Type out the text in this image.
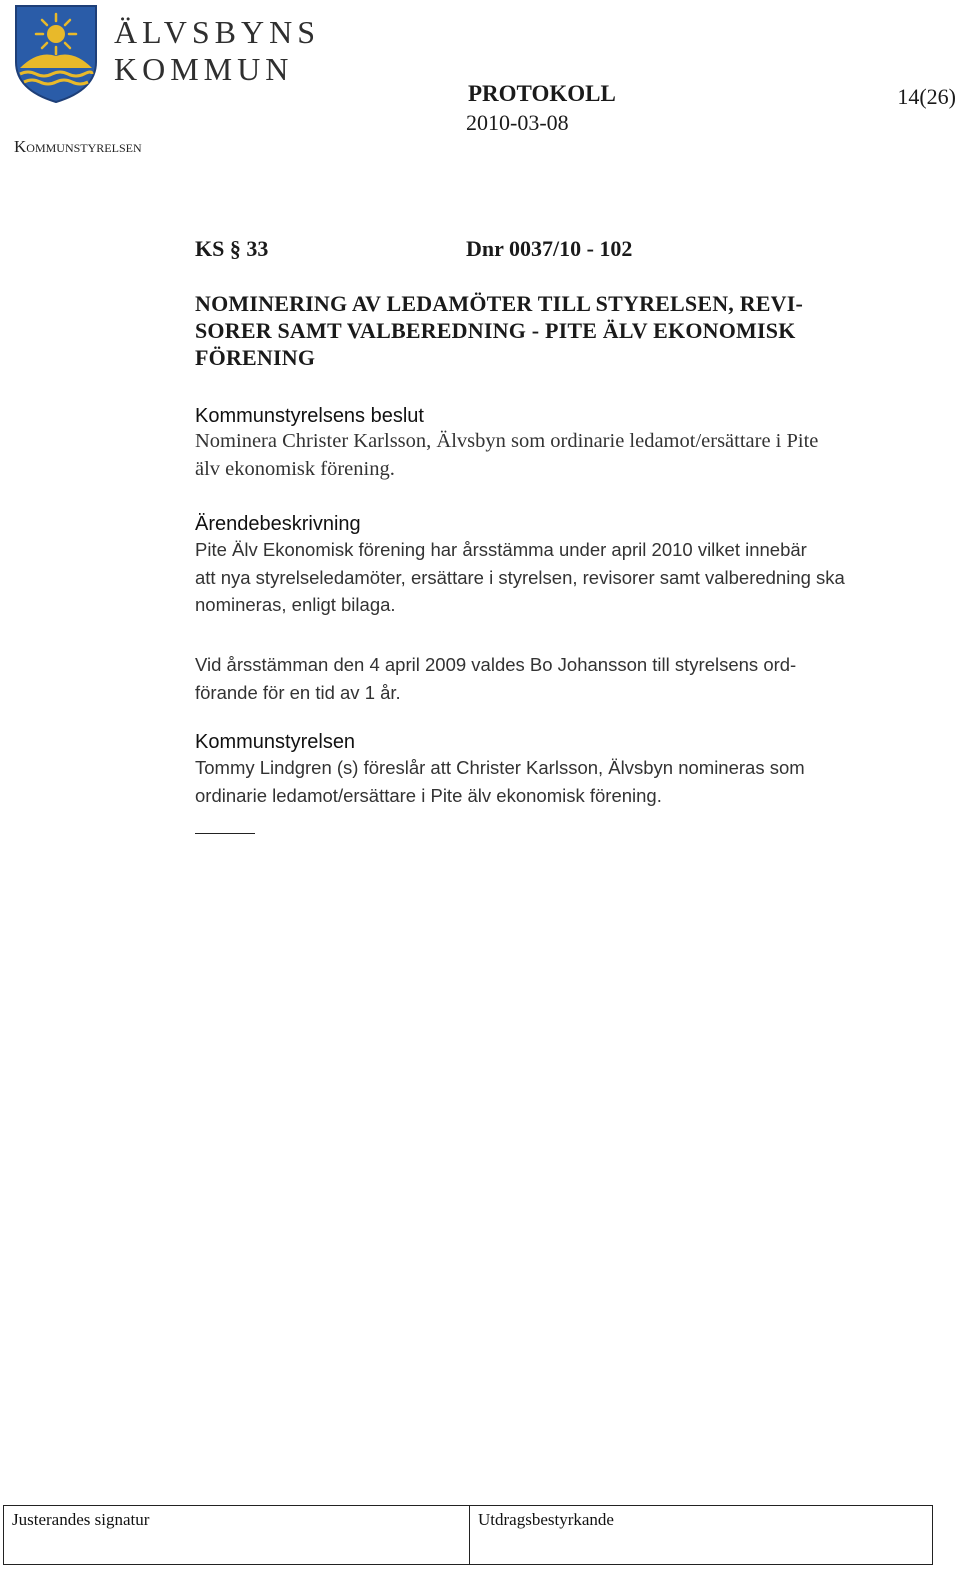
ÄLVSBYNS
KOMMUN
Kommunstyrelsen
PROTOKOLL	14(26)
2010-03-08
KS § 33	Dnr 0037/10 - 102
NOMINERING AV LEDAMÖTER TILL STYRELSEN, REVI-
SORER SAMT VALBEREDNING - PITE ÄLV EKONOMISK
FÖRENING
Kommunstyrelsens beslut
Nominera Christer Karlsson, Älvsbyn som ordinarie ledamot/ersättare i Pite
älv ekonomisk förening.
Ärendebeskrivning
Pite Älv Ekonomisk förening har årsstämma under april 2010 vilket innebär
att nya styrelseledamöter, ersättare i styrelsen, revisorer samt valberedning ska
nomineras, enligt bilaga.
Vid årsstämman den 4 april 2009 valdes Bo Johansson till styrelsens ord-
förande för en tid av 1 år.
Kommunstyrelsen
Tommy Lindgren (s) föreslår att Christer Karlsson, Älvsbyn nomineras som
ordinarie ledamot/ersättare i Pite älv ekonomisk förening.
Justerandes signatur	Utdragsbestyrkande
